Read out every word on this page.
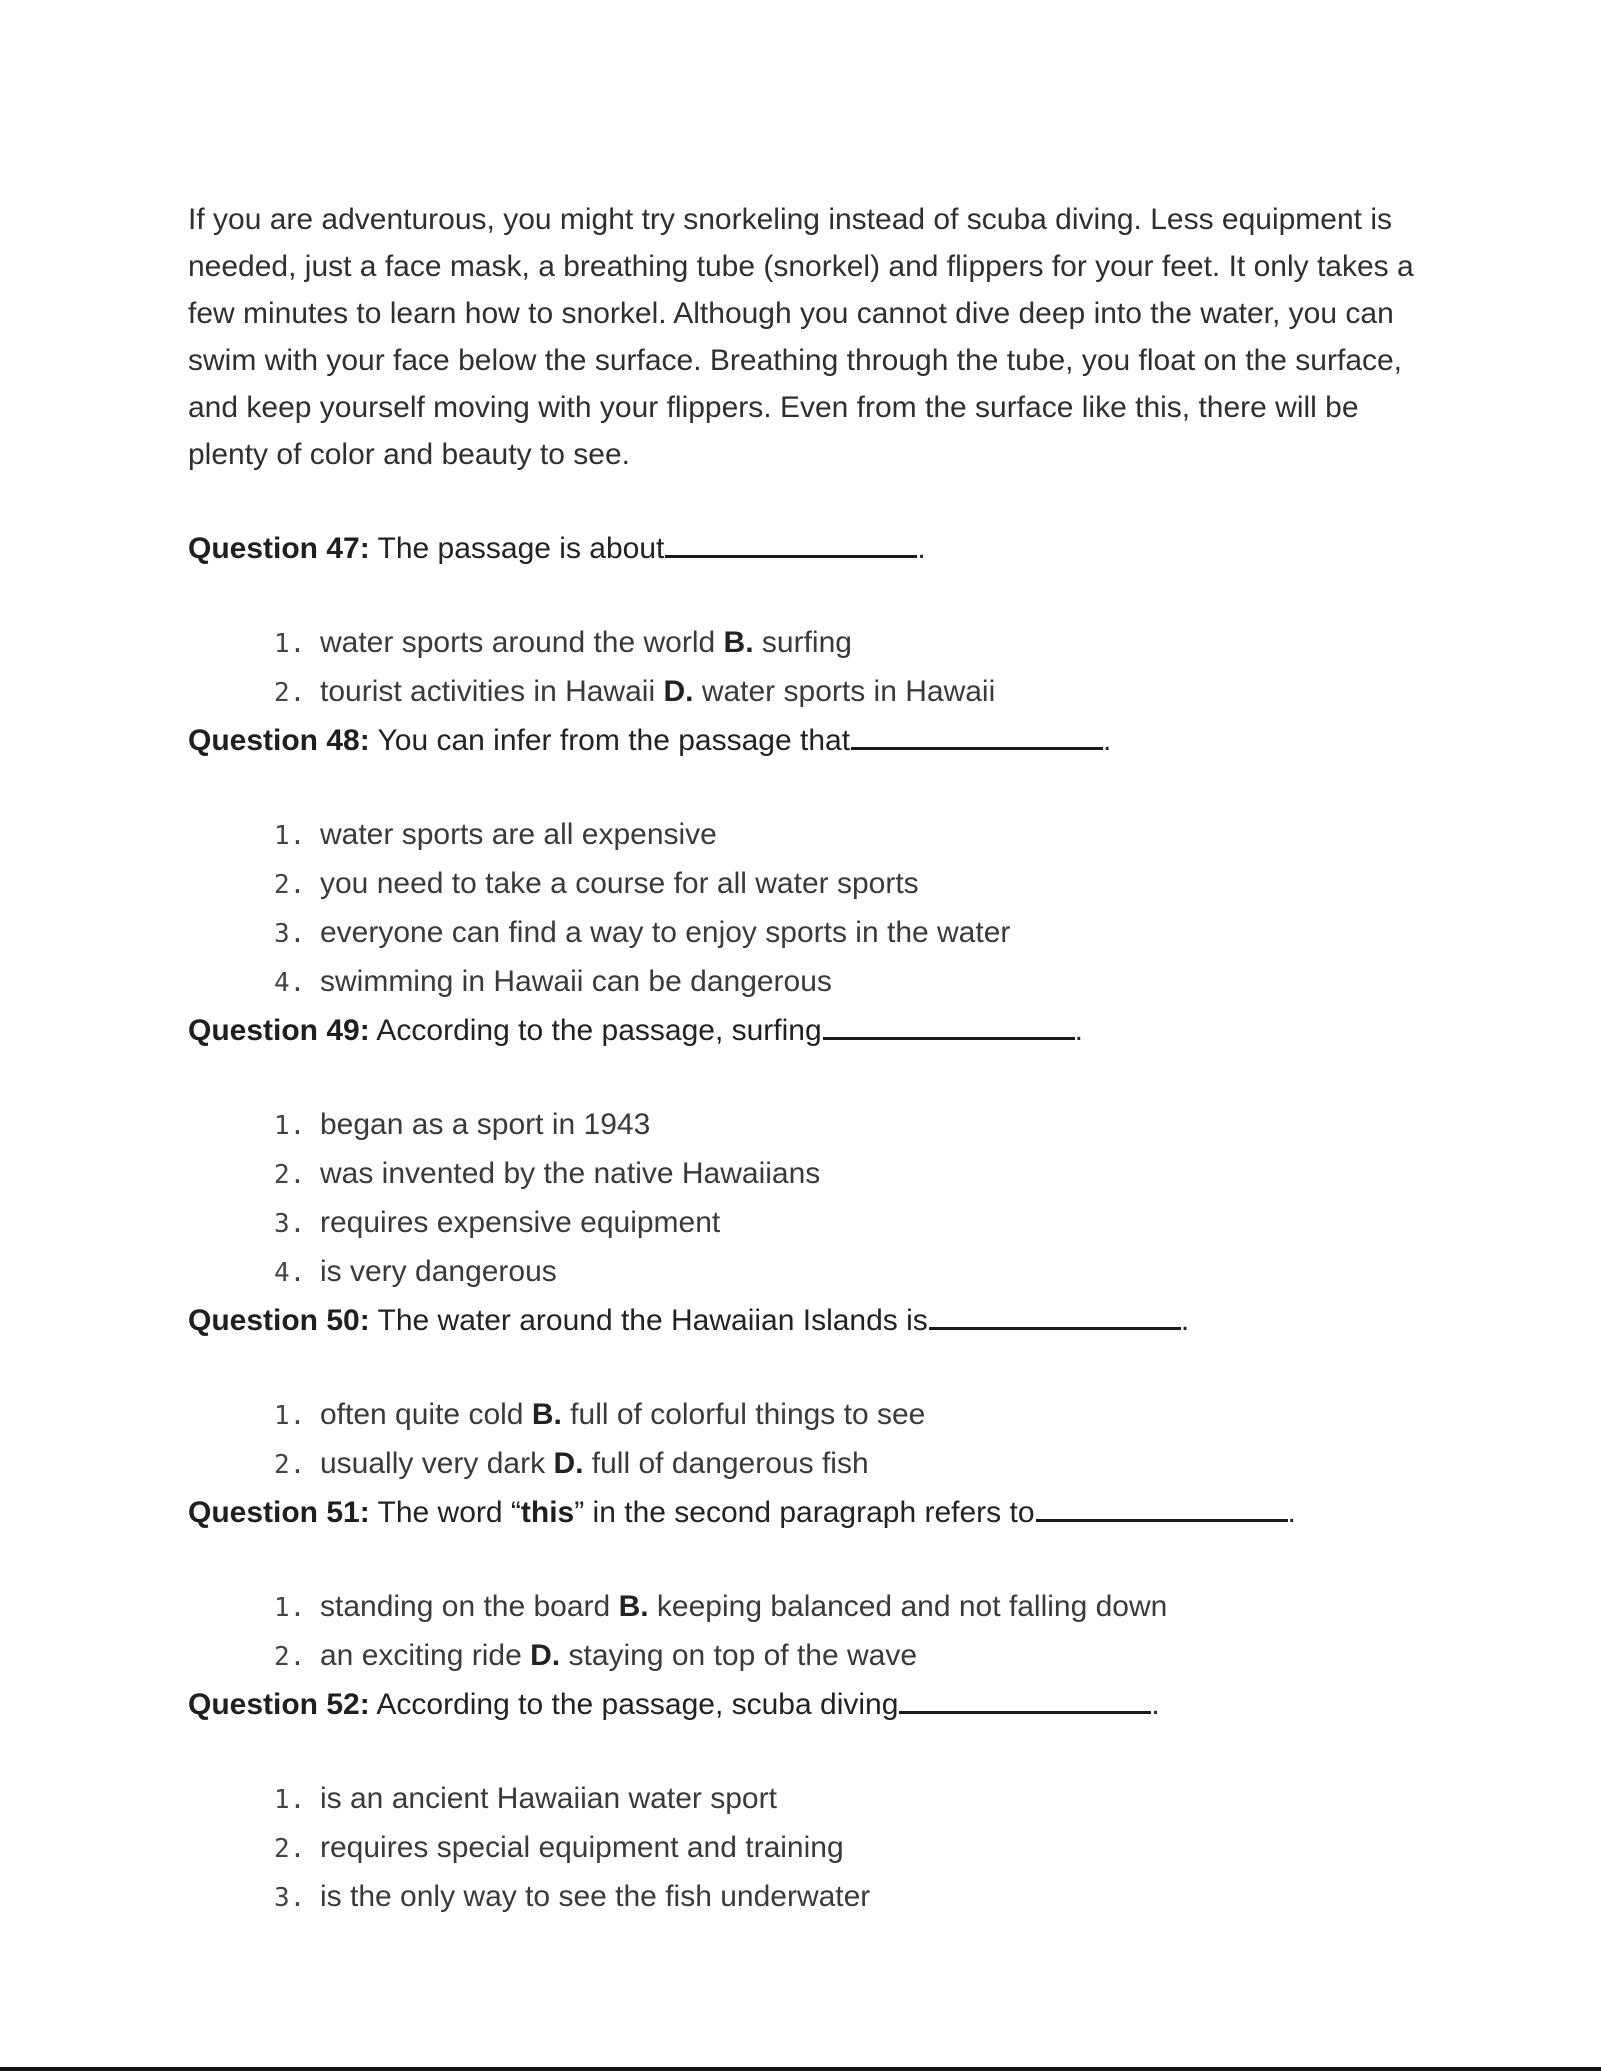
If you are adventurous, you might try snorkeling instead of scuba diving. Less equipment is needed, just a face mask, a breathing tube (snorkel) and flippers for your feet. It only takes a few minutes to learn how to snorkel. Although you cannot dive deep into the water, you can swim with your face below the surface. Breathing through the tube, you float on the surface, and keep yourself moving with your flippers. Even from the surface like this, there will be plenty of color and beauty to see.

Question 47: The passage is about	.

1. water sports around the world B. surfing
2. tourist activities in Hawaii D. water sports in Hawaii

Question 48: You can infer from the passage that	.

1. water sports are all expensive
2. you need to take a course for all water sports
3. everyone can find a way to enjoy sports in the water
4. swimming in Hawaii can be dangerous

Question 49: According to the passage, surfing	.

1. began as a sport in 1943
2. was invented by the native Hawaiians
3. requires expensive equipment
4. is very dangerous

Question 50: The water around the Hawaiian Islands is	.

1. often quite cold B. full of colorful things to see
2. usually very dark D. full of dangerous fish

Question 51: The word “this” in the second paragraph refers to	.

1. standing on the board B. keeping balanced and not falling down
2. an exciting ride D. staying on top of the wave

Question 52: According to the passage, scuba diving	.

1. is an ancient Hawaiian water sport
2. requires special equipment and training
3. is the only way to see the fish underwater
